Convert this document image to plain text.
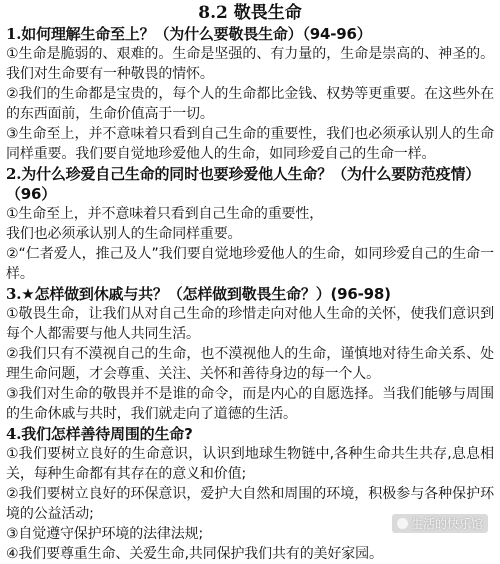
8.2 敬畏生命

1.如何理解生命至上？（为什么要敬畏生命）（94-96）

①生命是脆弱的、艰难的。生命是坚强的、有力量的，生命是崇高的、神圣的。我们对生命要有一种敬畏的情怀。

②我们的生命都是宝贵的，每个人的生命都比金钱、权势等更重要。在这些外在的东西面前，生命价值高于一切。

③生命至上，并不意味着只看到自己生命的重要性，我们也必须承认别人的生命同样重要。我们要自觉地珍爱他人的生命，如同珍爱自己的生命一样。

2.为什么珍爱自己生命的同时也要珍爱他人生命？（为什么要防范疫情）（96）

①生命至上，并不意味着只看到自己生命的重要性，

我们也必须承认别人的生命同样重要。

②“仁者爱人，推己及人”我们要自觉地珍爱他人的生命，如同珍爱自己的生命一样。

3.★怎样做到休戚与共？（怎样做到敬畏生命？）(96-98)

①敬畏生命，让我们从对自己生命的珍惜走向对他人生命的关怀，使我们意识到每个人都需要与他人共同生活。

②我们只有不漠视自己的生命，也不漠视他人的生命，谨慎地对待生命关系、处理生命问题，才会尊重、关注、关怀和善待身边的每一个人。

③我们对生命的敬畏并不是谁的命令，而是内心的自愿选择。当我们能够与周围的生命休戚与共时，我们就走向了道德的生活。

4.我们怎样善待周围的生命?

①我们要树立良好的生命意识，认识到地球生物链中,各种生命共生共存,息息相关，每种生命都有其存在的意义和价值;

②我们要树立良好的环保意识，爱护大自然和周围的环境，积极参与各种保护环境的公益活动;

③自觉遵守保护环境的法律法规;

④我们要尊重生命、关爱生命,共同保护我们共有的美好家园。

生活的快乐馆
